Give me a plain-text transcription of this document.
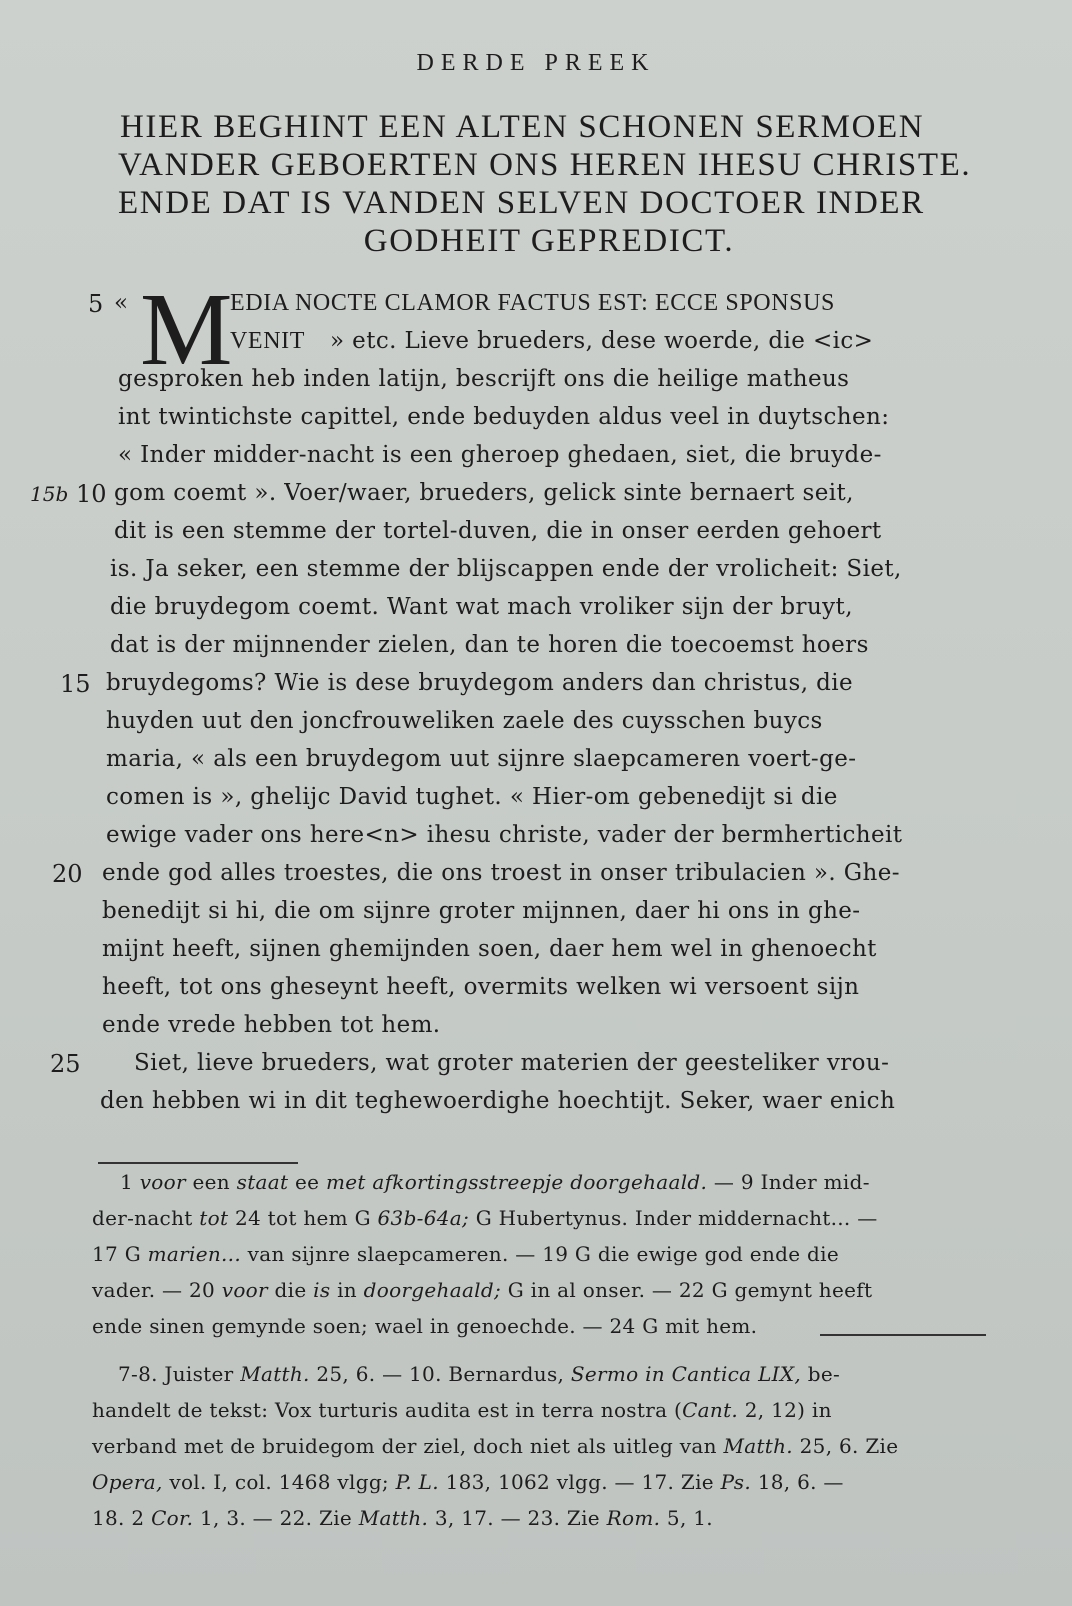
DERDE PREEK
HIER BEGHINT EEN ALTEN SCHONEN SERMOEN
VANDER GEBOERTEN ONS HEREN IHESU CHRISTE.
ENDE DAT IS VANDEN SELVEN DOCTOER INDER
GODHEIT GEPREDICT.
5 «	EDIA NOCTE CLAMOR FACTUS EST: ECCE SPONSUS
M
VENIT » etc. Lieve brueders, dese woerde, die <ic>
gesproken heb inden latijn, bescrijft ons die heilige matheus
int twintichste capittel, ende beduyden aldus veel in duytschen:
« Inder midder-nacht is een gheroep ghedaen, siet, die bruyde-
15b 10 gom coemt ». Voer/waer, brueders, gelick sinte bernaert seit,
dit is een stemme der tortel-duven, die in onser eerden gehoert
is. Ja seker, een stemme der blijscappen ende der vrolicheit: Siet,
die bruydegom coemt. Want wat mach vroliker sijn der bruyt,
dat is der mijnnender zielen, dan te horen die toecoemst hoers
15 bruydegoms? Wie is dese bruydegom anders dan christus, die
huyden uut den joncfrouweliken zaele des cuysschen buycs
maria, « als een bruydegom uut sijnre slaepcameren voert-ge-
comen is », ghelijc David tughet. « Hier-om gebenedijt si die
ewige vader ons here<n> ihesu christe, vader der bermherticheit
20 ende god alles troestes, die ons troest in onser tribulacien ». Ghe-
benedijt si hi, die om sijnre groter mijnnen, daer hi ons in ghe-
mijnt heeft, sijnen ghemijnden soen, daer hem wel in ghenoecht
heeft, tot ons gheseynt heeft, overmits welken wi versoent sijn
ende vrede hebben tot hem.
25 Siet, lieve brueders, wat groter materien der geesteliker vrou-
den hebben wi in dit teghewoerdighe hoechtijt. Seker, waer enich
1 voor een staat ee met afkortingsstreepje doorgehaald. — 9 Inder mid-
der-nacht tot 24 tot hem G 63b-64a; G Hubertynus. Inder middernacht... —
17 G marien... van sijnre slaepcameren. — 19 G die ewige god ende die
vader. — 20 voor die is in doorgehaald; G in al onser. — 22 G gemynt heeft
ende sinen gemynde soen; wael in genoechde. — 24 G mit hem.
7-8. Juister Matth. 25, 6. — 10. Bernardus, Sermo in Cantica LIX, be-
handelt de tekst: Vox turturis audita est in terra nostra (Cant. 2, 12) in
verband met de bruidegom der ziel, doch niet als uitleg van Matth. 25, 6. Zie
Opera, vol. I, col. 1468 vlgg; P. L. 183, 1062 vlgg. — 17. Zie Ps. 18, 6. —
18. 2 Cor. 1, 3. — 22. Zie Matth. 3, 17. — 23. Zie Rom. 5, 1.
